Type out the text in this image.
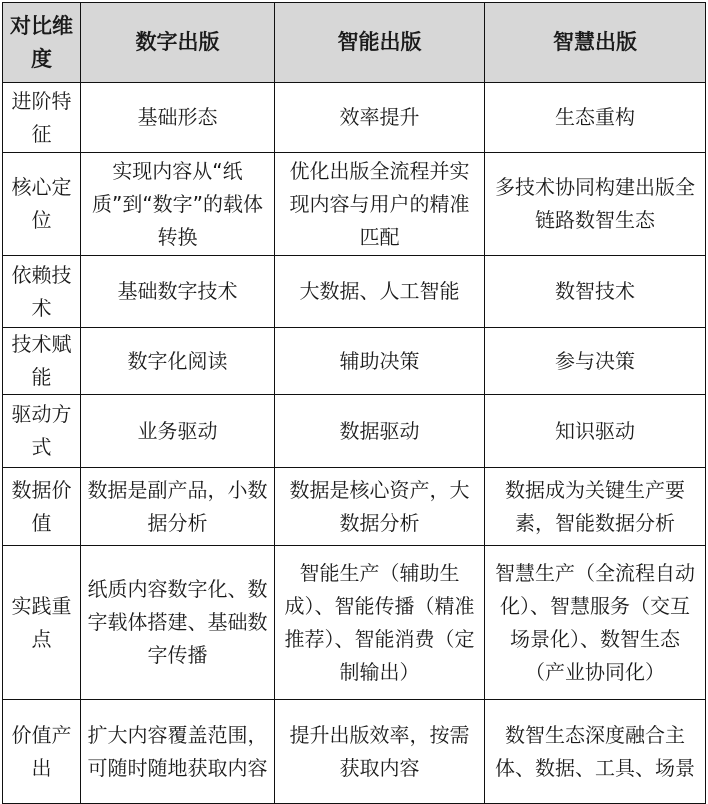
对比维度	数字出版	智能出版	智慧出版
进阶特征	基础形态	效率提升	生态重构
核心定位	实现内容从“纸质”到“数字”的载体转换	优化出版全流程并实现内容与用户的精准匹配	多技术协同构建出版全链路数智生态
依赖技术	基础数字技术	大数据、人工智能	数智技术
技术赋能	数字化阅读	辅助决策	参与决策
驱动方式	业务驱动	数据驱动	知识驱动
数据价值	数据是副产品，小数据分析	数据是核心资产，大数据分析	数据成为关键生产要素，智能数据分析
实践重点	纸质内容数字化、数字载体搭建、基础数字传播	智能生产（辅助生成）、智能传播（精准推荐）、智能消费（定制输出）	智慧生产（全流程自动化）、智慧服务（交互场景化）、数智生态（产业协同化）
价值产出	扩大内容覆盖范围，可随时随地获取内容	提升出版效率，按需获取内容	数智生态深度融合主体、数据、工具、场景
